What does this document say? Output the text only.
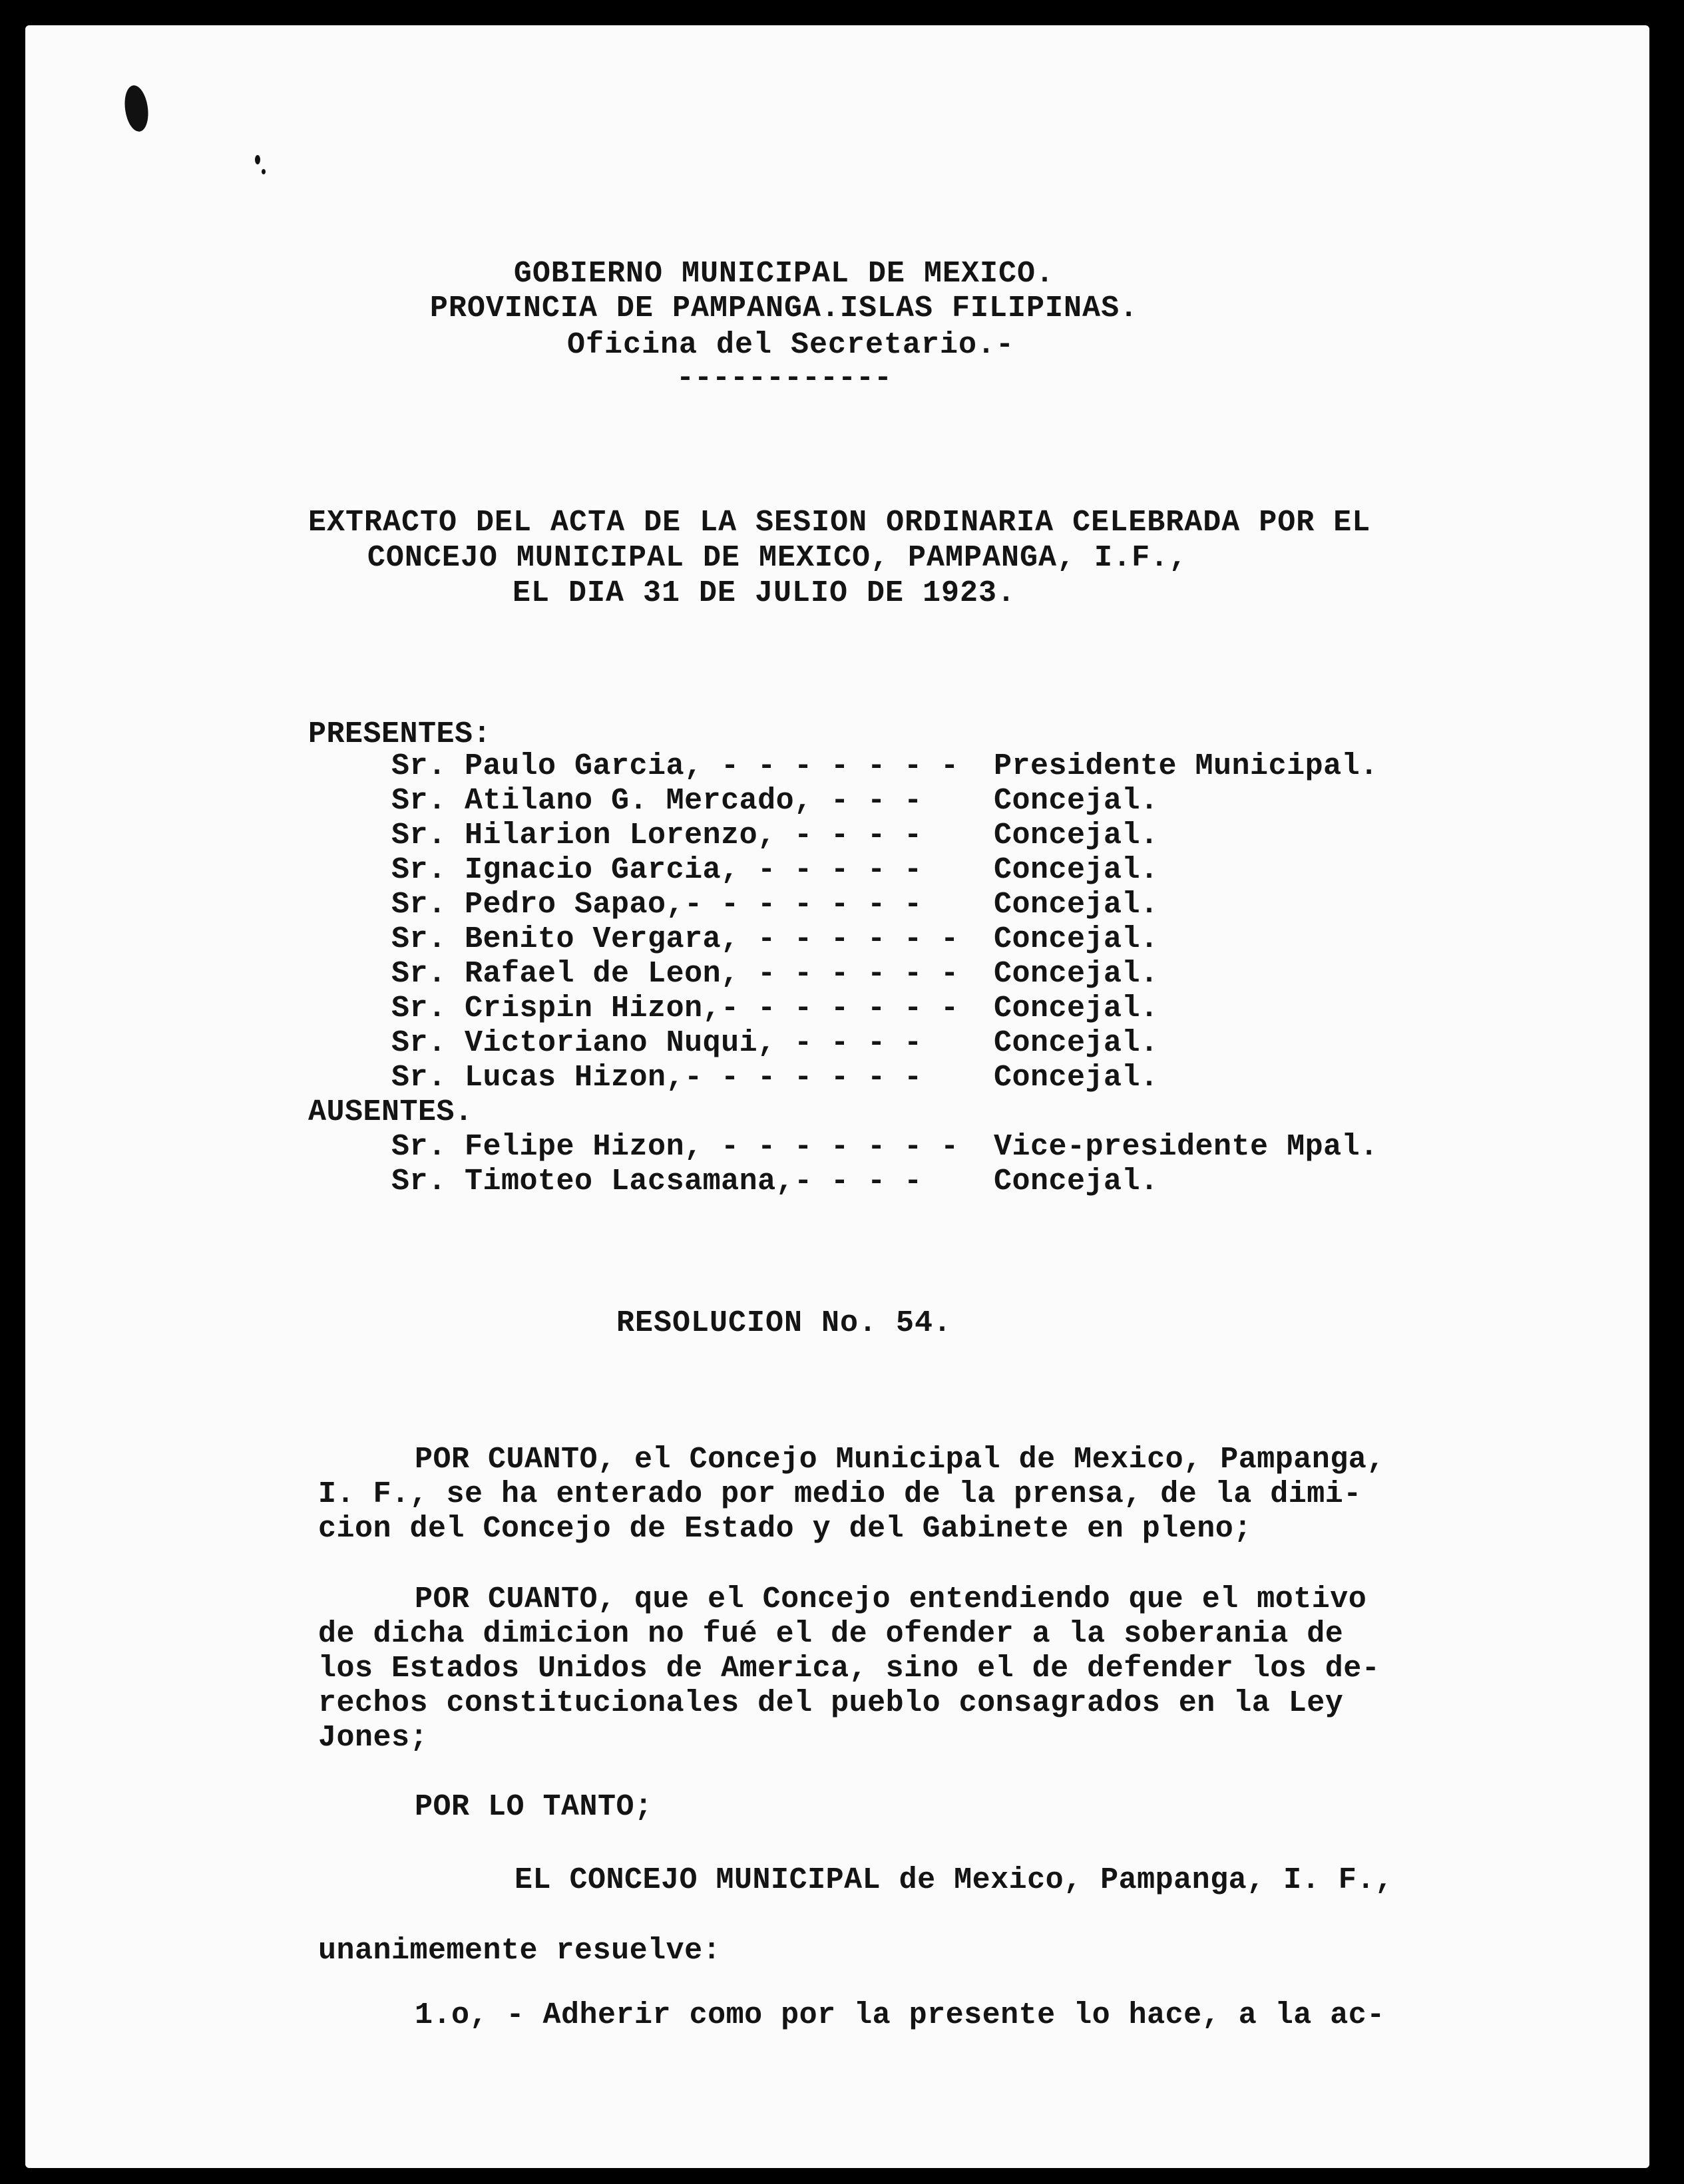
GOBIERNO MUNICIPAL DE MEXICO.
PROVINCIA DE PAMPANGA.ISLAS FILIPINAS.
Oficina del Secretario.-
------------
EXTRACTO DEL ACTA DE LA SESION ORDINARIA CELEBRADA POR EL
CONCEJO MUNICIPAL DE MEXICO, PAMPANGA, I.F.,
EL DIA 31 DE JULIO DE 1923.
PRESENTES:
Sr. Paulo Garcia, - - - - - - - Presidente Municipal.
Sr. Atilano G. Mercado, - - - Concejal.
Sr. Hilarion Lorenzo, - - - - Concejal.
Sr. Ignacio Garcia, - - - - - Concejal.
Sr. Pedro Sapao,- - - - - - - Concejal.
Sr. Benito Vergara, - - - - - - Concejal.
Sr. Rafael de Leon, - - - - - - Concejal.
Sr. Crispin Hizon,- - - - - - - Concejal.
Sr. Victoriano Nuqui, - - - - Concejal.
Sr. Lucas Hizon,- - - - - - - Concejal.
AUSENTES.
Sr. Felipe Hizon, - - - - - - - Vice-presidente Mpal.
Sr. Timoteo Lacsamana,- - - - Concejal.
RESOLUCION No. 54.
POR CUANTO, el Concejo Municipal de Mexico, Pampanga,
I. F., se ha enterado por medio de la prensa, de la dimi-
cion del Concejo de Estado y del Gabinete en pleno;
POR CUANTO, que el Concejo entendiendo que el motivo
de dicha dimicion no fué el de ofender a la soberania de
los Estados Unidos de America, sino el de defender los de-
rechos constitucionales del pueblo consagrados en la Ley
Jones;
POR LO TANTO;
EL CONCEJO MUNICIPAL de Mexico, Pampanga, I. F.,
unanimemente resuelve:
1.o, - Adherir como por la presente lo hace, a la ac-
